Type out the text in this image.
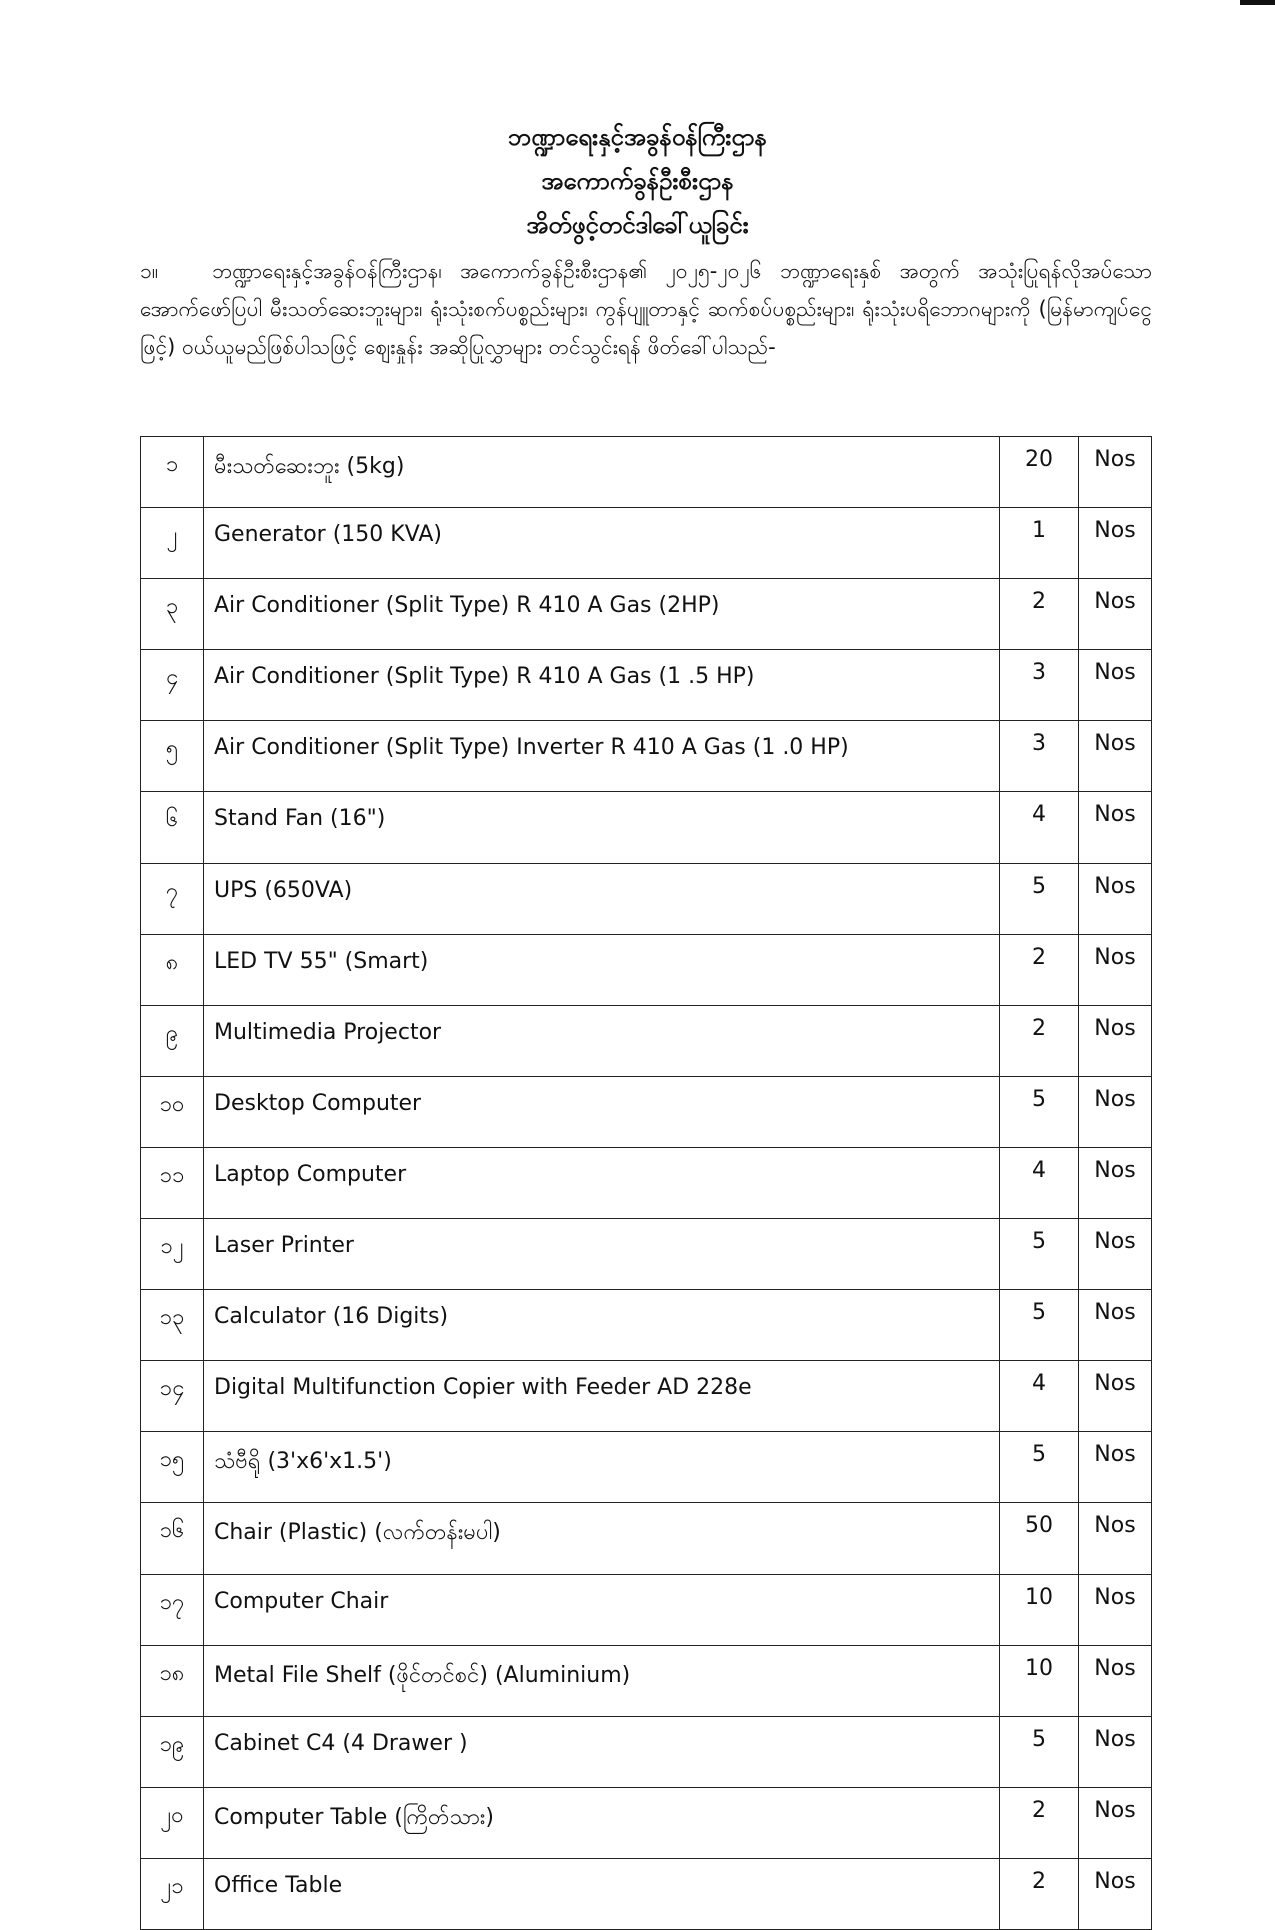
ဘဏ္ဍာရေးနှင့်အခွန်ဝန်ကြီးဌာန

အကောက်ခွန်ဦးစီးဌာန

အိတ်ဖွင့်တင်ဒါခေါ်ယူခြင်း

၁။	ဘဏ္ဍာရေးနှင့်အခွန်ဝန်ကြီးဌာန၊ အကောက်ခွန်ဦးစီးဌာန၏ ၂၀၂၅-၂၀၂၆ ဘဏ္ဍာရေးနှစ် အတွက် အသုံးပြုရန်လိုအပ်သော အောက်ဖော်ပြပါ မီးသတ်ဆေးဘူးများ၊ ရုံးသုံးစက်ပစ္စည်းများ၊ ကွန်ပျူတာနှင့် ဆက်စပ်ပစ္စည်းများ၊ ရုံးသုံးပရိဘောဂများကို (မြန်မာကျပ်ငွေဖြင့်) ဝယ်ယူမည်ဖြစ်ပါသဖြင့် ဈေးနှုန်း အဆိုပြုလွှာများ တင်သွင်းရန် ဖိတ်ခေါ်ပါသည်-
၁	မီးသတ်ဆေးဘူး (5kg)	20	Nos
၂	Generator (150 KVA)	1	Nos
၃	Air Conditioner (Split Type) R 410 A Gas (2HP)	2	Nos
၄	Air Conditioner (Split Type) R 410 A Gas (1 .5 HP)	3	Nos
၅	Air Conditioner (Split Type) Inverter R 410 A Gas (1 .0 HP)	3	Nos
၆	Stand Fan (16")	4	Nos
၇	UPS (650VA)	5	Nos
၈	LED TV 55" (Smart)	2	Nos
၉	Multimedia Projector	2	Nos
၁၀	Desktop Computer	5	Nos
၁၁	Laptop Computer	4	Nos
၁၂	Laser Printer	5	Nos
၁၃	Calculator (16 Digits)	5	Nos
၁၄	Digital Multifunction Copier with Feeder AD 228e	4	Nos
၁၅	သံဗီရို (3'x6'x1.5')	5	Nos
၁၆	Chair (Plastic) (လက်တန်းမပါ)	50	Nos
၁၇	Computer Chair	10	Nos
၁၈	Metal File Shelf (ဖိုင်တင်စင်) (Aluminium)	10	Nos
၁၉	Cabinet C4 (4 Drawer )	5	Nos
၂၀	Computer Table (ကြိတ်သား)	2	Nos
၂၁	Office Table	2	Nos
